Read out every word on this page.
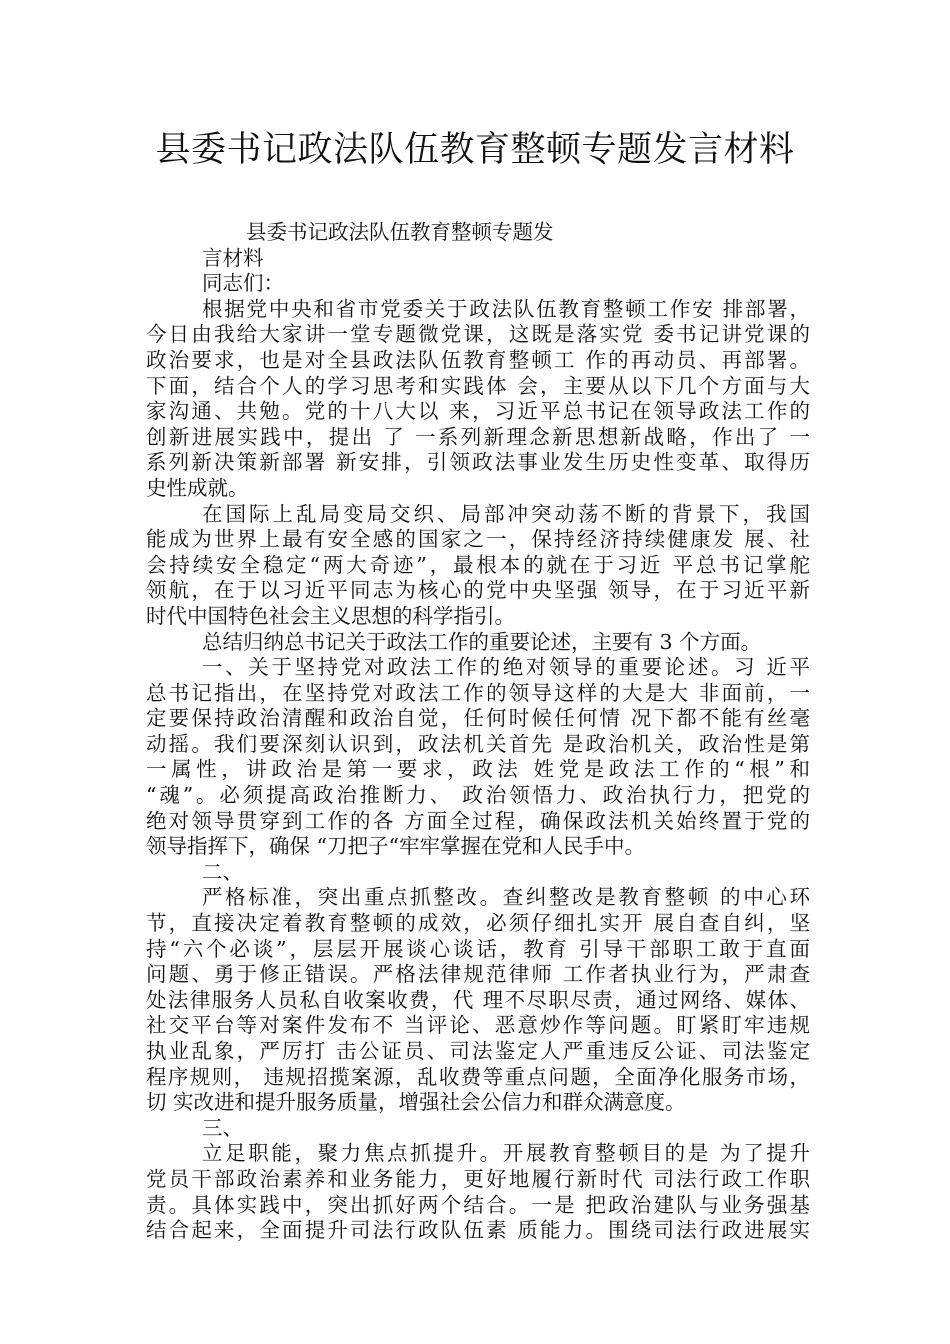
县委书记政法队伍教育整顿专题发言材料
县委书记政法队伍教育整顿专题发
言材料
同志们：
根据党中央和省市党委关于政法队伍教育整顿工作安 排部署，
今日由我给大家讲一堂专题微党课，这既是落实党 委书记讲党课的
政治要求，也是对全县政法队伍教育整顿工 作的再动员、再部署。
下面，结合个人的学习思考和实践体 会，主要从以下几个方面与大
家沟通、共勉。党的十八大以 来，习近平总书记在领导政法工作的
创新进展实践中，提出 了 一系列新理念新思想新战略，作出了 一
系列新决策新部署 新安排，引领政法事业发生历史性变革、取得历
史性成就。
在国际上乱局变局交织、局部冲突动荡不断的背景下，我国
能成为世界上最有安全感的国家之一，保持经济持续健康发 展、社
会持续安全稳定“两大奇迹”，最根本的就在于习近 平总书记掌舵
领航，在于以习近平同志为核心的党中央坚强 领导，在于习近平新
时代中国特色社会主义思想的科学指引。
总结归纳总书记关于政法工作的重要论述，主要有 3 个方面。
一、关于坚持党对政法工作的绝对领导的重要论述。习 近平
总书记指出，在坚持党对政法工作的领导这样的大是大 非面前，一
定要保持政治清醒和政治自觉，任何时候任何情 况下都不能有丝毫
动摇。我们要深刻认识到，政法机关首先 是政治机关，政治性是第
一属性，讲政治是第一要求，政法 姓党是政法工作的“根”和
“魂”。必须提高政治推断力、 政治领悟力、政治执行力，把党的
绝对领导贯穿到工作的各 方面全过程，确保政法机关始终置于党的
领导指挥下，确保 “刀把子“牢牢掌握在党和人民手中。
二、
严格标准，突出重点抓整改。查纠整改是教育整顿 的中心环
节，直接决定着教育整顿的成效，必须仔细扎实开 展自查自纠，坚
持“六个必谈”，层层开展谈心谈话，教育 引导干部职工敢于直面
问题、勇于修正错误。严格法律规范律师 工作者执业行为，严肃查
处法律服务人员私自收案收费，代 理不尽职尽责，通过网络、媒体、
社交平台等对案件发布不 当评论、恶意炒作等问题。盯紧盯牢违规
执业乱象，严厉打 击公证员、司法鉴定人严重违反公证、司法鉴定
程序规则， 违规招揽案源，乱收费等重点问题，全面净化服务市场，
切 实改进和提升服务质量，增强社会公信力和群众满意度。
三、
立足职能，聚力焦点抓提升。开展教育整顿目的是 为了提升
党员干部政治素养和业务能力，更好地履行新时代 司法行政工作职
责。具体实践中，突出抓好两个结合。一是 把政治建队与业务强基
结合起来，全面提升司法行政队伍素 质能力。围绕司法行政进展实
